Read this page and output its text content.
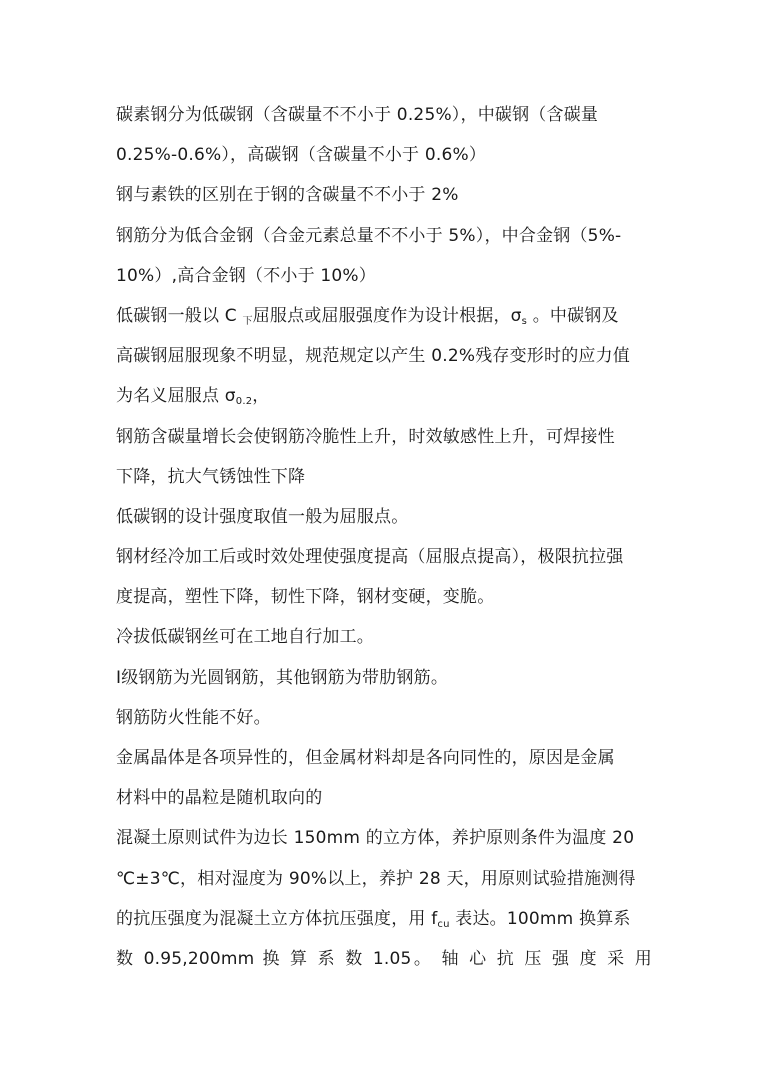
碳素钢分为低碳钢（含碳量不不小于 0.25%），中碳钢（含碳量
0.25%-0.6%），高碳钢（含碳量不小于 0.6%）
钢与素铁的区别在于钢的含碳量不不小于 2%
钢筋分为低合金钢（合金元素总量不不小于 5%），中合金钢（5%-
10%）,高合金钢（不小于 10%）
低碳钢一般以 C $_下$屈服点或屈服强度作为设计根据，$\sigma_s$ 。中碳钢及
高碳钢屈服现象不明显，规范规定以产生 0.2%残存变形时的应力值
为名义屈服点 $\sigma_{0.2}$，
钢筋含碳量增长会使钢筋冷脆性上升，时效敏感性上升，可焊接性
下降，抗大气锈蚀性下降
低碳钢的设计强度取值一般为屈服点。
钢材经冷加工后或时效处理使强度提高（屈服点提高），极限抗拉强
度提高，塑性下降，韧性下降，钢材变硬，变脆。
冷拔低碳钢丝可在工地自行加工。
Ⅰ级钢筋为光圆钢筋，其他钢筋为带肋钢筋。
钢筋防火性能不好。
金属晶体是各项异性的，但金属材料却是各向同性的，原因是金属
材料中的晶粒是随机取向的
混凝土原则试件为边长 150mm 的立方体，养护原则条件为温度 20
℃±3℃，相对湿度为 90%以上，养护 28 天，用原则试验措施测得
的抗压强度为混凝土立方体抗压强度，用 $f_{cu}$ 表达。100mm 换算系
数 0.95,200mm 换 算 系 数 1.05。 轴 心 抗 压 强 度 采 用
